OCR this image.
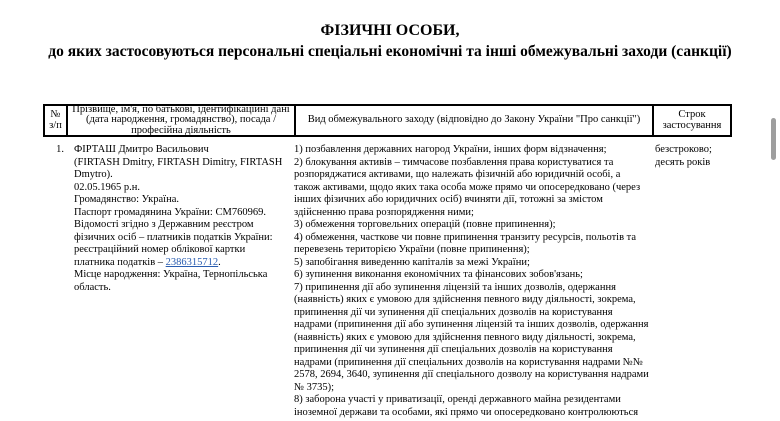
ФІЗИЧНІ ОСОБИ,
до яких застосовуються персональні спеціальні економічні та інші обмежувальні заходи (санкції)
№ з/п
Прізвище, ім'я, по батькові, ідентифікаційні дані (дата народження, громадянство), посада / професійна діяльність
Вид обмежувального заходу (відповідно до Закону України "Про санкції")	Строк застосування
1. ФІРТАШ Дмитро Васильович

(FIRTASH Dmitry, FIRTASH Dimitry, FIRTASH Dmytro).

02.05.1965 р.н.

Громадянство: Україна.

Паспорт громадянина України: СМ760969.

Відомості згідно з Державним реєстром фізичних осіб – платників податків України: реєстраційний номер облікової картки платника податків – 2386315712.

Місце народження: Україна, Тернопільська область.

1) позбавлення державних нагород України, інших форм відзначення;

2) блокування активів – тимчасове позбавлення права користуватися та розпоряджатися активами, що належать фізичній або юридичній особі, а також активами, щодо яких така особа може прямо чи опосередковано (через інших фізичних або юридичних осіб) вчиняти дії, тотожні за змістом здійсненню права розпорядження ними;

3) обмеження торговельних операцій (повне припинення);

4) обмеження, часткове чи повне припинення транзиту ресурсів, польотів та перевезень територією України (повне припинення);

5) запобігання виведенню капіталів за межі України;

6) зупинення виконання економічних та фінансових зобов'язань;

7) припинення дії або зупинення ліцензій та інших дозволів, одержання (наявність) яких є умовою для здійснення певного виду діяльності, зокрема, припинення дії чи зупинення дії спеціальних дозволів на користування надрами (припинення дії або зупинення ліцензій та інших дозволів, одержання (наявність) яких є умовою для здійснення певного виду діяльності, зокрема, припинення дії чи зупинення дії спеціальних дозволів на користування надрами (припинення дії спеціальних дозволів на користування надрами №№ 2578, 2694, 3640, зупинення дії спеціального дозволу на користування надрами № 3735);

8) заборона участі у приватизації, оренді державного майна резидентами іноземної держави та особами, які прямо чи опосередковано контролюються

безстроково; десять років
